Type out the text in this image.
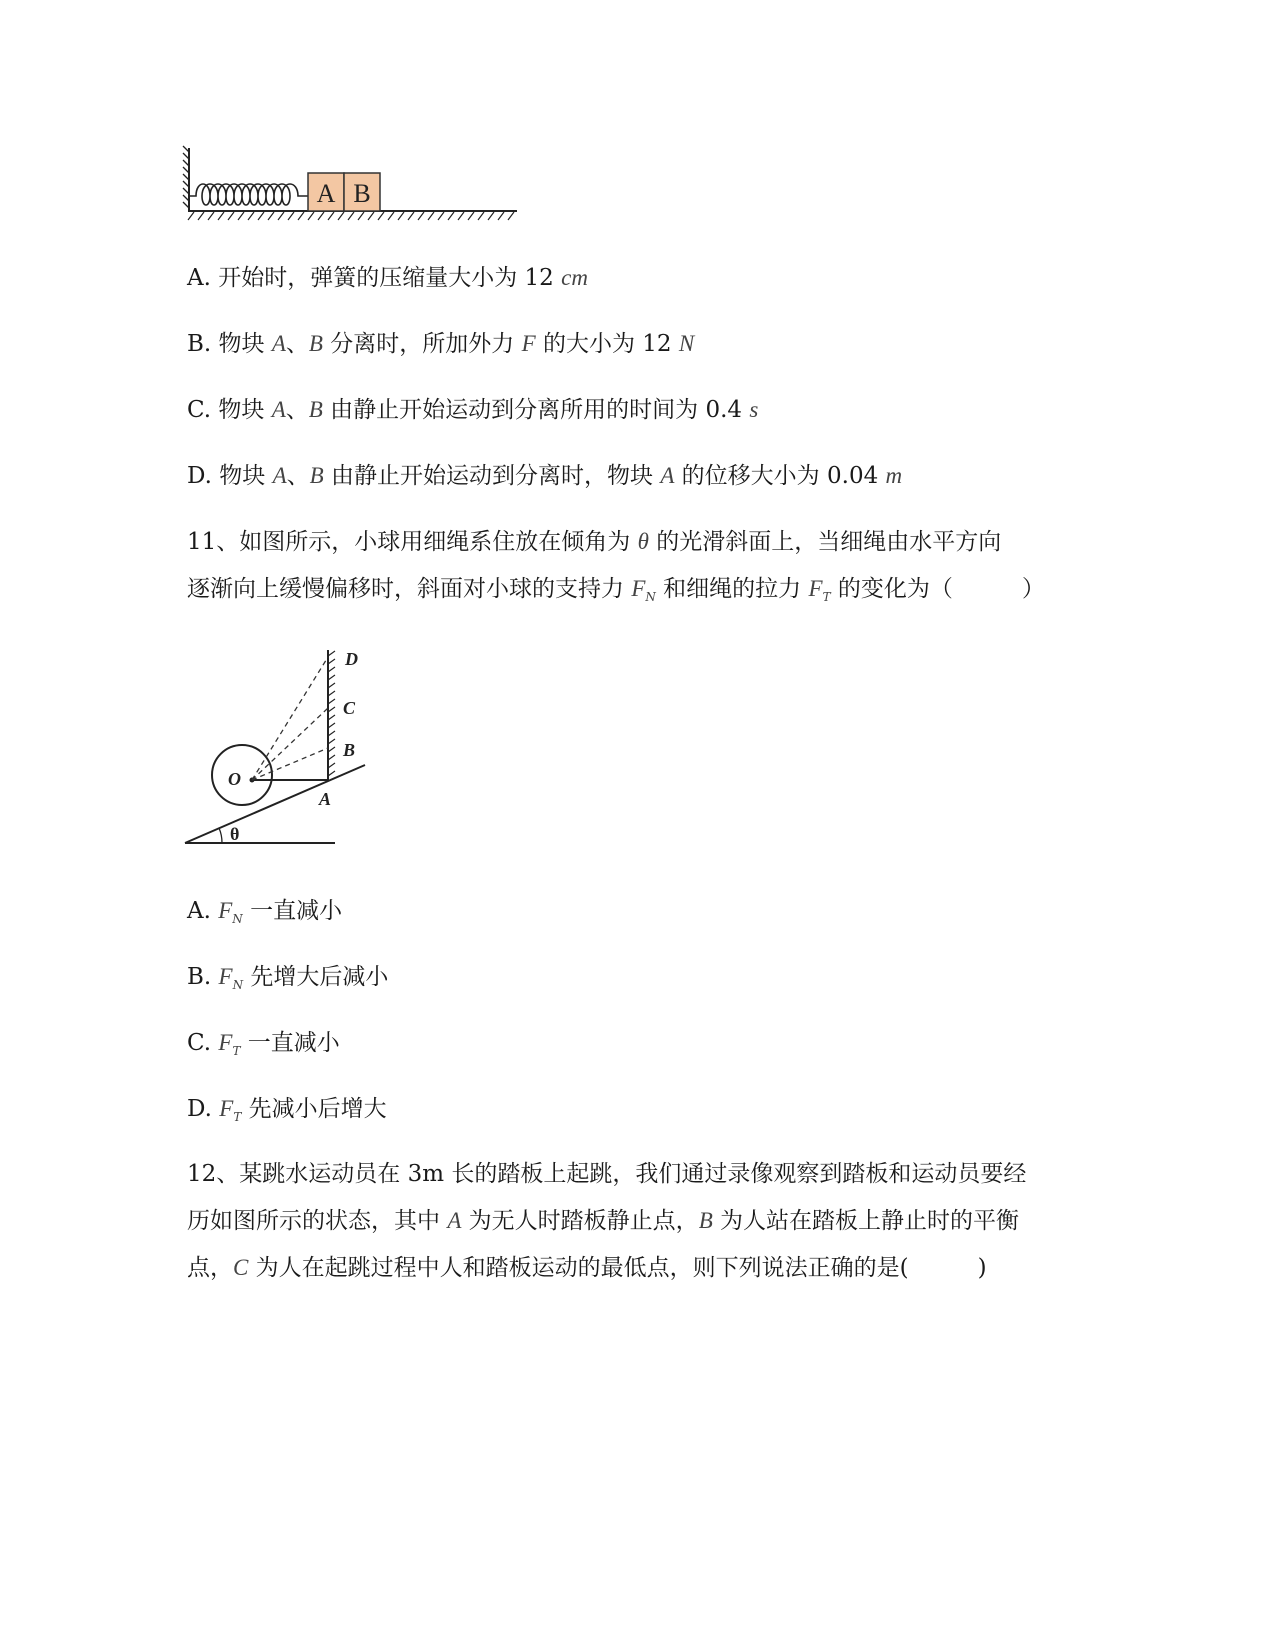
A B
A. 开始时，弹簧的压缩量大小为 12 cm
B. 物块 A、B 分离时，所加外力 F 的大小为 12 N
C. 物块 A、B 由静止开始运动到分离所用的时间为 0.4 s
D. 物块 A、B 由静止开始运动到分离时，物块 A 的位移大小为 0.04 m
11、如图所示，小球用细绳系住放在倾角为 θ 的光滑斜面上，当细绳由水平方向
逐渐向上缓慢偏移时，斜面对小球的支持力 $F_N$ 和细绳的拉力 $F_T$ 的变化为（　　　）
D
C
B
O
A
θ
A. $F_N$ 一直减小
B. $F_N$ 先增大后减小
C. $F_T$ 一直减小
D. $F_T$ 先减小后增大
12、某跳水运动员在 3m 长的踏板上起跳，我们通过录像观察到踏板和运动员要经
历如图所示的状态，其中 A 为无人时踏板静止点，B 为人站在踏板上静止时的平衡
点，C 为人在起跳过程中人和踏板运动的最低点，则下列说法正确的是(　　　)
